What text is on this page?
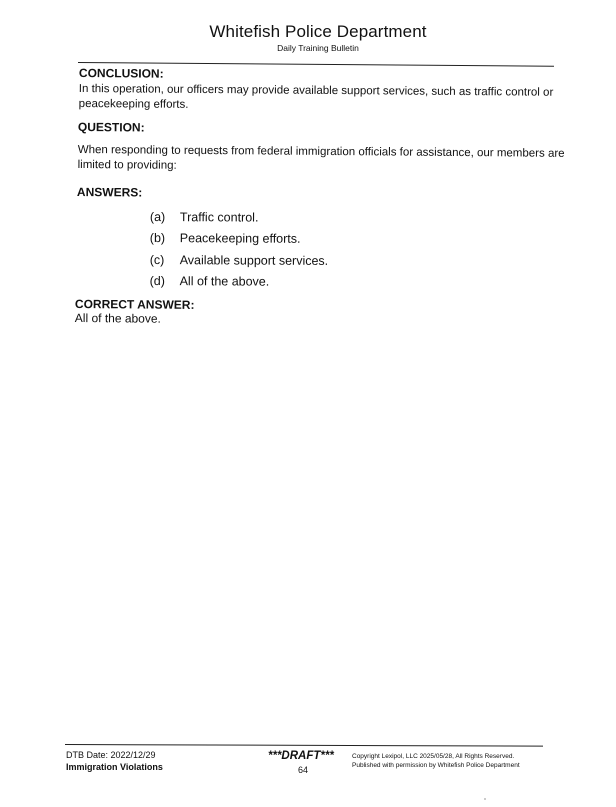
Whitefish Police Department
Daily Training Bulletin
CONCLUSION:
In this operation, our officers may provide available support services, such as traffic control or
peacekeeping efforts.
QUESTION:
When responding to requests from federal immigration officials for assistance, our members are
limited to providing:
ANSWERS:
(a)	Traffic control.
(b)	Peacekeeping efforts.
(c)	Available support services.
(d)	All of the above.
CORRECT ANSWER:
All of the above.
DTB Date: 2022/12/29
Immigration Violations
***DRAFT***
64
Copyright Lexipol, LLC 2025/05/28, All Rights Reserved.
Published with permission by Whitefish Police Department
